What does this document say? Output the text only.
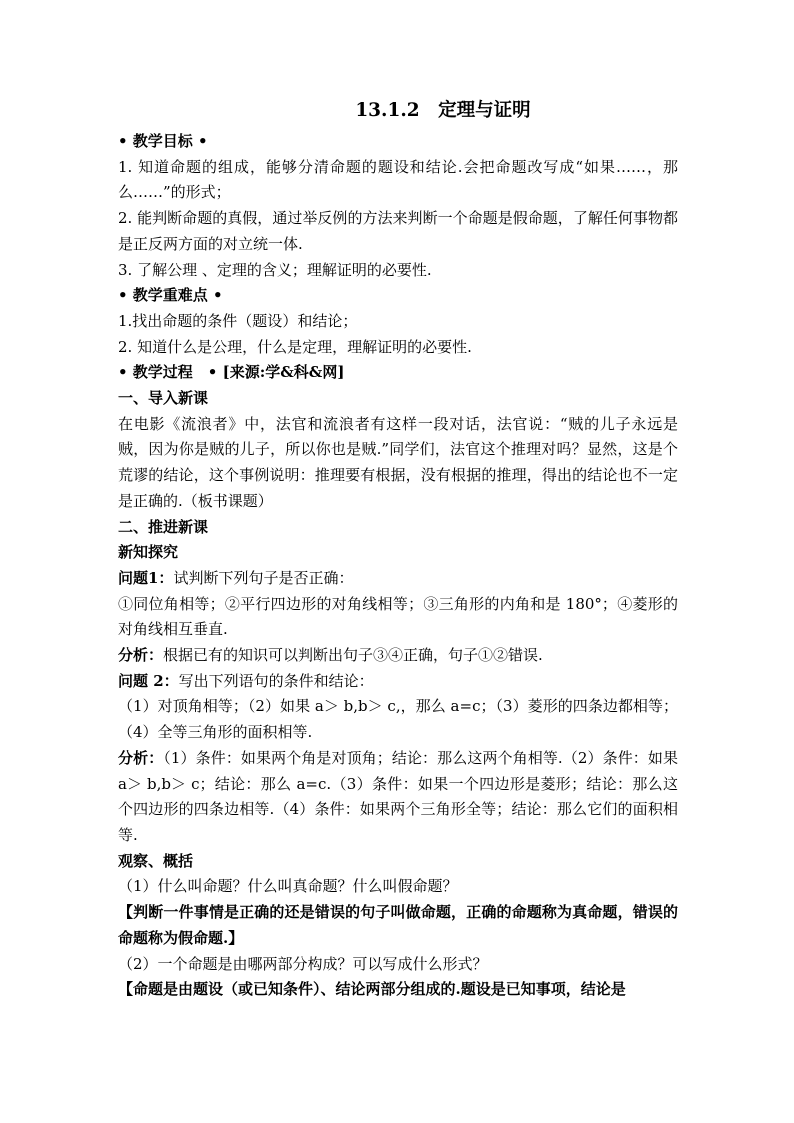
13.1.2　定理与证明

• 教学目标 •

1. 知道命题的组成，能够分清命题的题设和结论.会把命题改写成“如果……，那么……”的形式；

2. 能判断命题的真假，通过举反例的方法来判断一个命题是假命题，了解任何事物都是正反两方面的对立统一体.

3. 了解公理 、定理的含义；理解证明的必要性.

• 教学重难点 •

1.找出命题的条件（题设）和结论；

2. 知道什么是公理，什么是定理，理解证明的必要性.

• 教学过程　• [来源:学&科&网]

一、导入新课

在电影《流浪者》中，法官和流浪者有这样一段对话，法官说：“贼的儿子永远是贼，因为你是贼的儿子，所以你也是贼.”同学们，法官这个推理对吗？显然，这是个荒谬的结论，这个事例说明：推理要有根据，没有根据的推理，得出的结论也不一定是正确的.（板书课题）

二、推进新课

新知探究

问题1：试判断下列句子是否正确：

①同位角相等；②平行四边形的对角线相等；③三角形的内角和是 180°；④菱形的对角线相互垂直.

分析：根据已有的知识可以判断出句子③④正确，句子①②错误.

问题 2：写出下列语句的条件和结论：

（1）对顶角相等；（2）如果 a＞ b,b＞ c,，那么 a=c；（3）菱形的四条边都相等；（4）全等三角形的面积相等.

分析：（1）条件：如果两个角是对顶角；结论：那么这两个角相等.（2）条件：如果 a＞ b,b＞ c；结论：那么 a=c.（3）条件：如果一个四边形是菱形；结论：那么这个四边形的四条边相等.（4）条件：如果两个三角形全等；结论：那么它们的面积相等.

观察、概括

（1）什么叫命题？什么叫真命题？什么叫假命题？

【判断一件事情是正确的还是错误的句子叫做命题，正确的命题称为真命题，错误的命题称为假命题.】

（2）一个命题是由哪两部分构成？可以写成什么形式？

【命题是由题设（或已知条件）、结论两部分组成的.题设是已知事项，结论是
